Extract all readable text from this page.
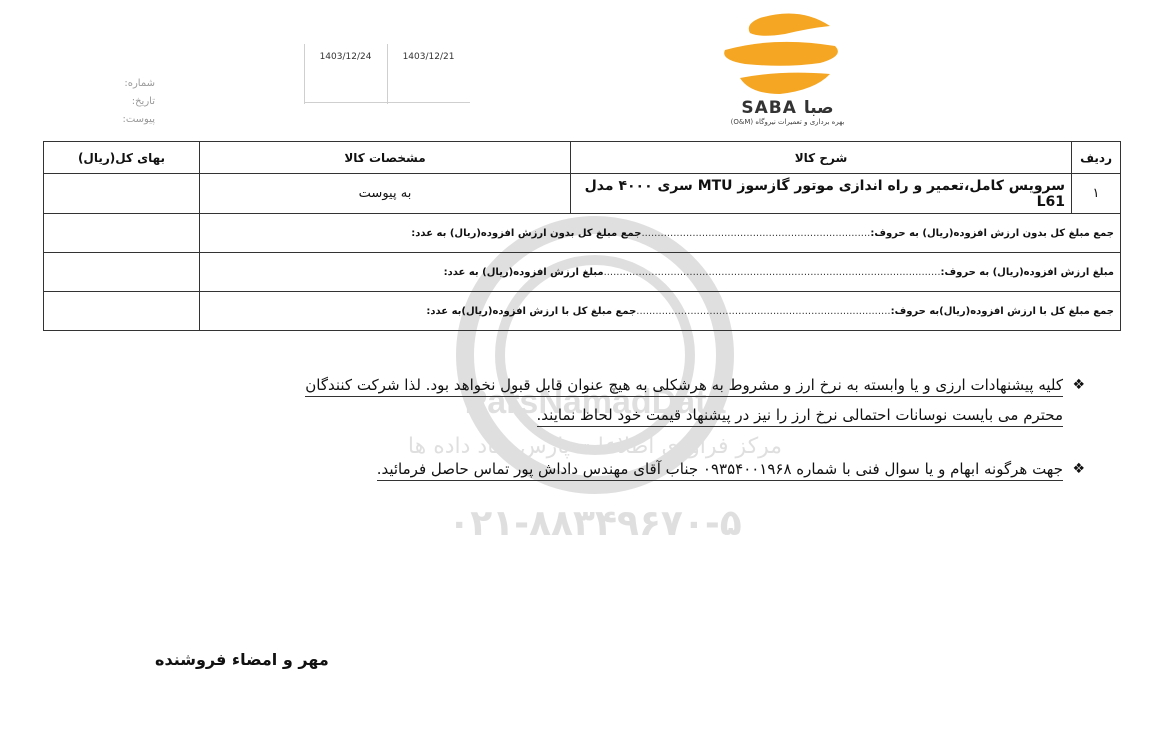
SABA صبا
بهره برداری و تعمیرات نیروگاه (O&M)
1403/12/24	1403/12/21
شماره:
تاریخ:
پیوست:
ParsNamadData
مرکز فراوری اطلاعات پارس نماد داده ها
۰۲۱-۸۸۳۴۹۶۷۰-۵
ردیف	شرح کالا	مشخصات کالا	بهای کل(ریال)
۱	سرویس کامل،تعمیر و راه اندازی موتور گازسوز MTU سری ۴۰۰۰ مدل L61	به پیوست	
جمع مبلغ کل بدون ارزش افزوده(ریال) به حروف:........................................................................جمع مبلغ کل بدون ارزش افزوده(ریال) به عدد:			
مبلغ ارزش افزوده(ریال) به حروف:..........................................................................................................مبلغ ارزش افزوده(ریال) به عدد:			
جمع مبلغ کل با ارزش افزوده(ریال)به حروف:................................................................................جمع مبلغ کل با ارزش افزوده(ریال)به عدد:			
❖
کلیه پیشنهادات ارزی و یا وابسته به نرخ ارز و مشروط به هرشکلی به هیچ عنوان قابل قبول نخواهد بود. لذا شرکت کنندگان
محترم می بایست نوسانات احتمالی نرخ ارز را نیز در پیشنهاد قیمت خود لحاظ نمایند.
❖
جهت هرگونه ابهام و یا سوال فنی با شماره ۰۹۳۵۴۰۰۱۹۶۸ جناب آقای مهندس داداش پور تماس حاصل فرمائید.
مهر و امضاء فروشنده
